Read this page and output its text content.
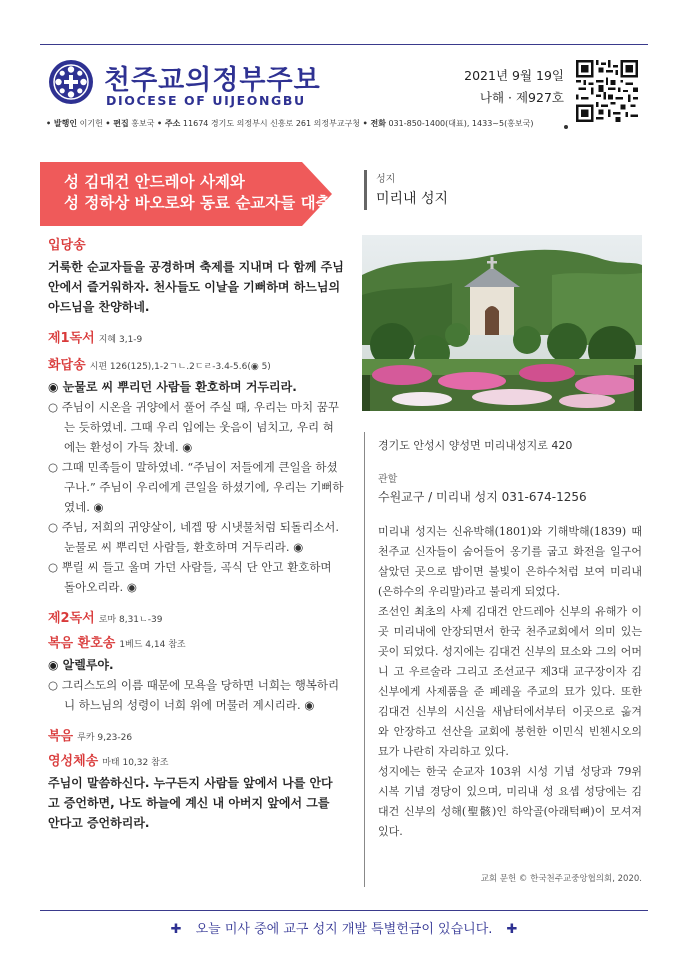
천주교의정부주보
DIOCESE OF UIJEONGBU
2021년 9월 19일
나해 · 제927호
• 발행인 이기헌 • 편집 홍보국 • 주소 11674 경기도 의정부시 신흥로 261 의정부교구청 • 전화 031-850-1400(대표), 1433~5(홍보국)
성 김대건 안드레아 사제와
성 정하상 바오로와 동료 순교자들 대축일
입당송
거룩한 순교자들을 공경하며 축제를 지내며 다 함께 주님 안에서 즐거워하자. 천사들도 이날을 기뻐하며 하느님의 아드님을 찬양하네.
제1독서 지혜 3,1-9
화답송 시편 126(125),1-2ㄱㄴ.2ㄷㄹ-3.4-5.6(◉ 5)
◉ 눈물로 씨 뿌리던 사람들 환호하며 거두리라.
○ 주님이 시온을 귀양에서 풀어 주실 때, 우리는 마치 꿈꾸는 듯하였네. 그때 우리 입에는 웃음이 넘치고, 우리 혀에는 환성이 가득 찼네. ◉
○ 그때 민족들이 말하였네. “주님이 저들에게 큰일을 하셨구나.” 주님이 우리에게 큰일을 하셨기에, 우리는 기뻐하였네. ◉
○ 주님, 저희의 귀양살이, 네겝 땅 시냇물처럼 되돌리소서. 눈물로 씨 뿌리던 사람들, 환호하며 거두리라. ◉
○ 뿌릴 씨 들고 울며 가던 사람들, 곡식 단 안고 환호하며 돌아오리라. ◉
제2독서 로마 8,31ㄴ-39
복음 환호송 1베드 4,14 참조
◉ 알렐루야.
○ 그리스도의 이름 때문에 모욕을 당하면 너희는 행복하리니 하느님의 성령이 너희 위에 머물러 계시리라. ◉
복음 루카 9,23-26
영성체송 마태 10,32 참조
주님이 말씀하신다. 누구든지 사람들 앞에서 나를 안다고 증언하면, 나도 하늘에 계신 내 아버지 앞에서 그를 안다고 증언하리라.
성지
미리내 성지
경기도 안성시 양성면 미리내성지로 420
관할
수원교구 / 미리내 성지 031-674-1256

미리내 성지는 신유박해(1801)와 기해박해(1839) 때 천주교 신자들이 숨어들어 옹기를 굽고 화전을 일구어 살았던 곳으로 밤이면 불빛이 은하수처럼 보여 미리내(은하수의 우리말)라고 불리게 되었다.

조선인 최초의 사제 김대건 안드레아 신부의 유해가 이곳 미리내에 안장되면서 한국 천주교회에서 의미 있는 곳이 되었다. 성지에는 김대건 신부의 묘소와 그의 어머니 고 우르술라 그리고 조선교구 제3대 교구장이자 김 신부에게 사제품을 준 페레올 주교의 묘가 있다. 또한 김대건 신부의 시신을 새남터에서부터 이곳으로 옮겨 와 안장하고 선산을 교회에 봉헌한 이민식 빈첸시오의 묘가 나란히 자리하고 있다.

성지에는 한국 순교자 103위 시성 기념 성당과 79위 시복 기념 경당이 있으며, 미리내 성 요셉 성당에는 김대건 신부의 성해(聖骸)인 하악골(아래턱뼈)이 모셔져 있다.

교회 문헌 © 한국천주교중앙협의회, 2020.
✚ 오늘 미사 중에 교구 성지 개발 특별헌금이 있습니다. ✚
